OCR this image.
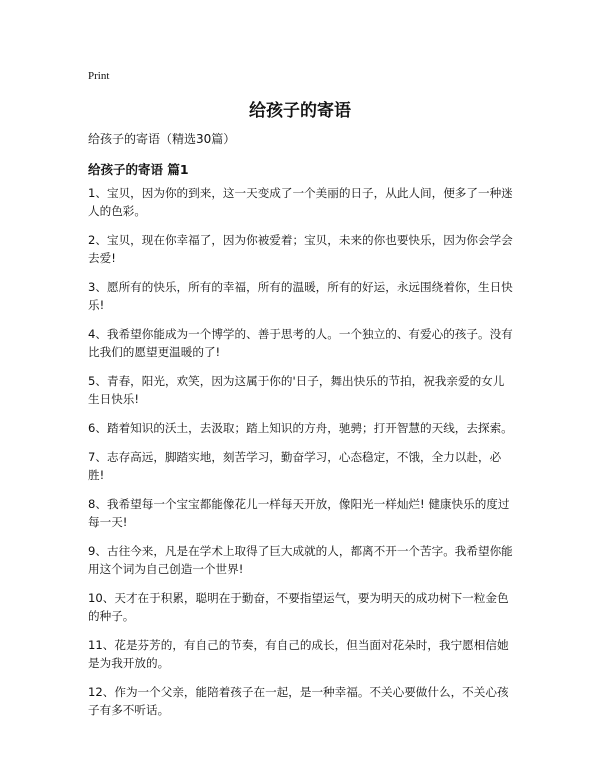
Print
给孩子的寄语
给孩子的寄语（精选30篇）
给孩子的寄语 篇1

1、宝贝，因为你的到来，这一天变成了一个美丽的日子，从此人间，便多了一种迷人的色彩。

2、宝贝，现在你幸福了，因为你被爱着；宝贝，未来的你也要快乐，因为你会学会去爱!

3、愿所有的快乐，所有的幸福，所有的温暖，所有的好运，永远围绕着你，生日快乐!

4、我希望你能成为一个博学的、善于思考的人。一个独立的、有爱心的孩子。没有比我们的愿望更温暖的了!

5、青春，阳光，欢笑，因为这属于你的'日子，舞出快乐的节拍，祝我亲爱的女儿生日快乐!

6、踏着知识的沃土，去汲取；踏上知识的方舟，驰骋；打开智慧的天线，去探索。

7、志存高远，脚踏实地，刻苦学习，勤奋学习，心态稳定，不饿，全力以赴，必胜!

8、我希望每一个宝宝都能像花儿一样每天开放，像阳光一样灿烂! 健康快乐的度过每一天!

9、古往今来，凡是在学术上取得了巨大成就的人，都离不开一个苦字。我希望你能用这个词为自己创造一个世界!

10、天才在于积累，聪明在于勤奋，不要指望运气，要为明天的成功树下一粒金色的种子。

11、花是芬芳的，有自己的节奏，有自己的成长，但当面对花朵时，我宁愿相信她是为我开放的。

12、作为一个父亲，能陪着孩子在一起，是一种幸福。不关心要做什么，不关心孩子有多不听话。
